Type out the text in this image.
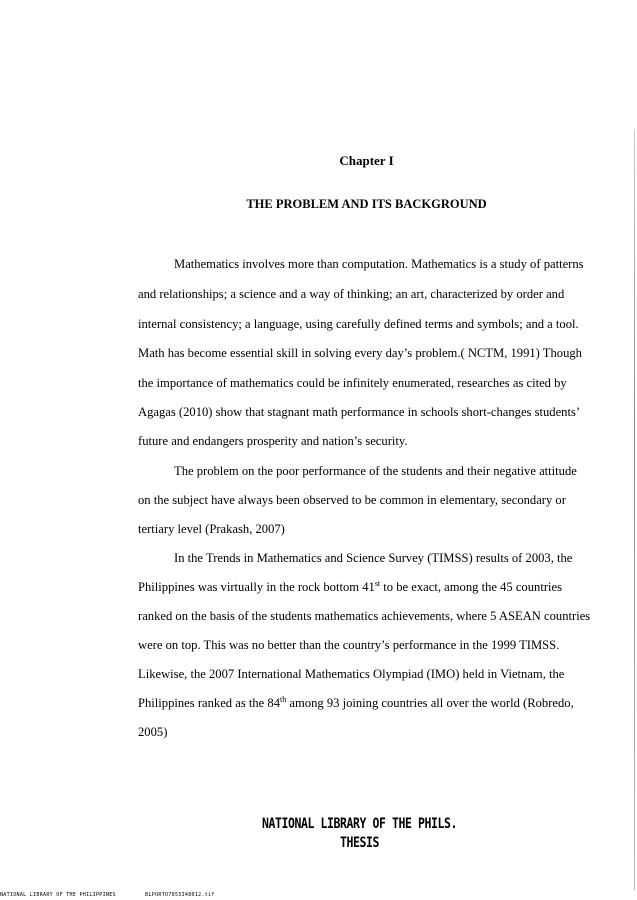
Chapter I
THE PROBLEM AND ITS BACKGROUND
Mathematics involves more than computation. Mathematics is a study of patterns
and relationships; a science and a way of thinking; an art, characterized by order and
internal consistency; a language, using carefully defined terms and symbols; and a tool.
Math has become essential skill in solving every day’s problem.( NCTM, 1991) Though
the importance of mathematics could be infinitely enumerated, researches as cited by
Agagas (2010) show that stagnant math performance in schools short-changes students’
future and endangers prosperity and nation’s security.
The problem on the poor performance of the students and their negative attitude
on the subject have always been observed to be common in elementary, secondary or
tertiary level (Prakash, 2007)
In the Trends in Mathematics and Science Survey (TIMSS) results of 2003, the
Philippines was virtually in the rock bottom 41st to be exact, among the 45 countries
ranked on the basis of the students mathematics achievements, where 5 ASEAN countries
were on top. This was no better than the country’s performance in the 1999 TIMSS.
Likewise, the 2007 International Mathematics Olympiad (IMO) held in Vietnam, the
Philippines ranked as the 84th among 93 joining countries all over the world (Robredo,
2005)
NATIONAL LIBRARY OF THE PHILS.
THESIS
NATIONAL LIBRARY OF THE PHILIPPINES	BLPORTO7053I48012.tif
